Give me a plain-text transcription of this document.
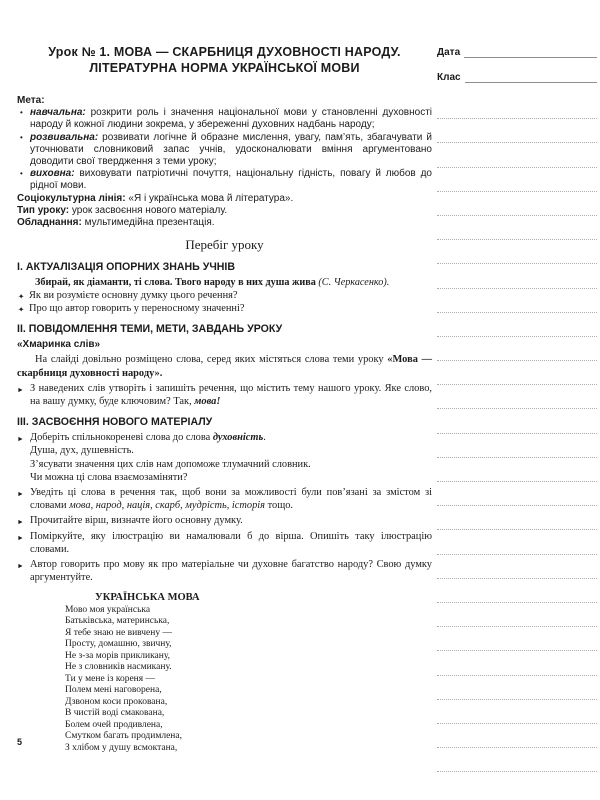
Урок № 1. МОВА — СКАРБНИЦЯ ДУХОВНОСТІ НАРОДУ.
ЛІТЕРАТУРНА НОРМА УКРАЇНСЬКОЇ МОВИ
Мета:
• навчальна: розкрити роль і значення національної мови у становленні духовності народу й кожної людини зокрема, у збереженні духовних надбань народу;
• розвивальна: розвивати логічне й образне мислення, увагу, пам’ять, збагачувати й уточнювати словниковий запас учнів, удосконалювати вміння аргументовано доводити свої твердження з теми уроку;
• виховна: виховувати патріотичні почуття, національну гідність, повагу й любов до рідної мови.
Соціокультурна лінія: «Я і українська мова й література».
Тип уроку: урок засвоєння нового матеріалу.
Обладнання: мультимедійна презентація.
Перебіг уроку
І. АКТУАЛІЗАЦІЯ ОПОРНИХ ЗНАНЬ УЧНІВ
Збирай, як діаманти, ті слова. Твого народу в них душа жива (С. Черкасенко).
✦ Як ви розумієте основну думку цього речення?
✦ Про що автор говорить у переносному значенні?
ІІ. ПОВІДОМЛЕННЯ ТЕМИ, МЕТИ, ЗАВДАНЬ УРОКУ
«Хмаринка слів»
На слайді довільно розміщено слова, серед яких містяться слова теми уроку «Мова — скарбниця духовності народу».
► З наведених слів утворіть і запишіть речення, що містить тему нашого уроку. Яке слово, на вашу думку, буде ключовим? Так, мова!
ІІІ. ЗАСВОЄННЯ НОВОГО МАТЕРІАЛУ
► Доберіть спільнокореневі слова до слова духовність.
Душа, дух, душевність.
З’ясувати значення цих слів нам допоможе тлумачний словник.
Чи можна ці слова взаємозаміняти?
► Уведіть ці слова в речення так, щоб вони за можливості були пов’язані за змістом зі словами мова, народ, нація, скарб, мудрість, історія тощо.
► Прочитайте вірш, визначте його основну думку.
► Поміркуйте, яку ілюстрацію ви намалювали б до вірша. Опишіть таку ілюстрацію словами.
► Автор говорить про мову як про матеріальне чи духовне багатство народу? Свою думку аргументуйте.
УКРАЇНСЬКА МОВА
Мово моя українська
Батьківська, материнська,
Я тебе знаю не вивчену —
Просту, домашню, звичну,
Не з-за морів прикликану,
Не з словників насмикану.
Ти у мене із кореня —
Полем мені наговорена,
Дзвоном коси прокована,
В чистій воді смакована,
Болем очей продивлена,
Смутком багать продимлена,
З хлібом у душу всмоктана,
Дата
Клас
5
